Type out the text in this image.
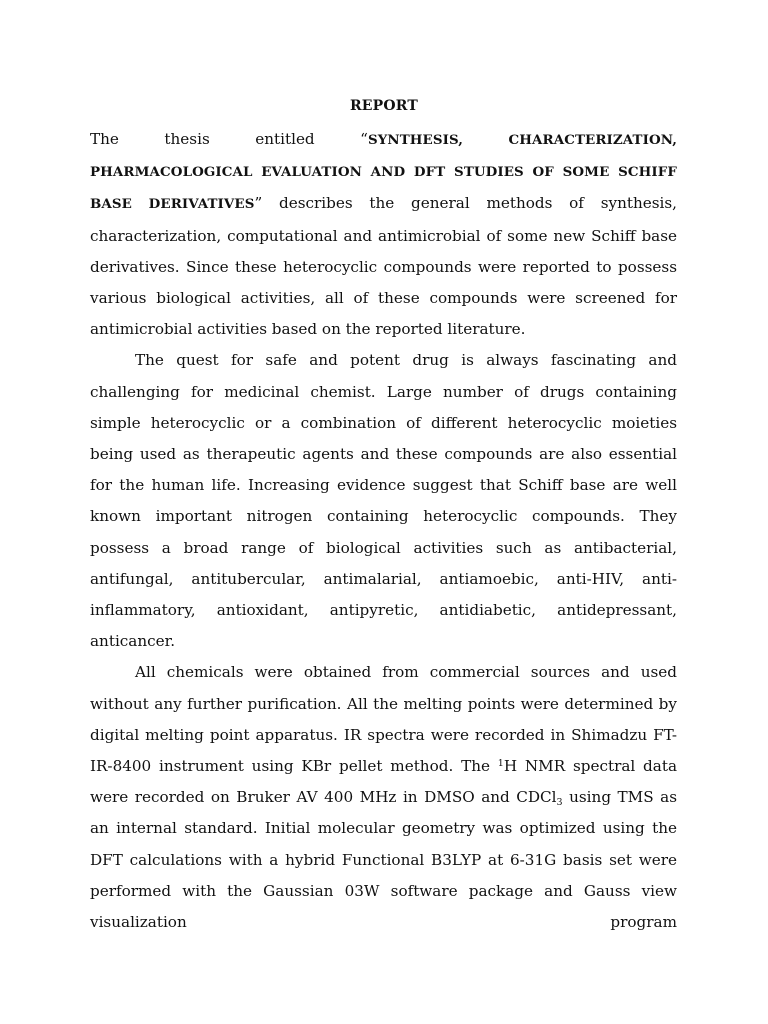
REPORT

The thesis entitled “SYNTHESIS, CHARACTERIZATION, PHARMACOLOGICAL EVALUATION AND DFT STUDIES OF SOME SCHIFF BASE DERIVATIVES” describes the general methods of synthesis, characterization, computational and antimicrobial of some new Schiff base derivatives. Since these heterocyclic compounds were reported to possess various biological activities, all of these compounds were screened for antimicrobial activities based on the reported literature.

The quest for safe and potent drug is always fascinating and challenging for medicinal chemist. Large number of drugs containing simple heterocyclic or a combination of different heterocyclic moieties being used as therapeutic agents and these compounds are also essential for the human life. Increasing evidence suggest that Schiff base are well known important nitrogen containing heterocyclic compounds. They possess a broad range of biological activities such as antibacterial, antifungal, antitubercular, antimalarial, antiamoebic, anti-HIV, anti-inflammatory, antioxidant, antipyretic, antidiabetic, antidepressant, anticancer.

All chemicals were obtained from commercial sources and used without any further purification. All the melting points were determined by digital melting point apparatus. IR spectra were recorded in Shimadzu FT-IR-8400 instrument using KBr pellet method. The $^1$H NMR spectral data were recorded on Bruker AV 400 MHz in DMSO and CDCl$_3$ using TMS as an internal standard. Initial molecular geometry was optimized using the DFT calculations with a hybrid Functional B3LYP at 6-31G basis set were performed with the Gaussian 03W software package and Gauss view visualization program
